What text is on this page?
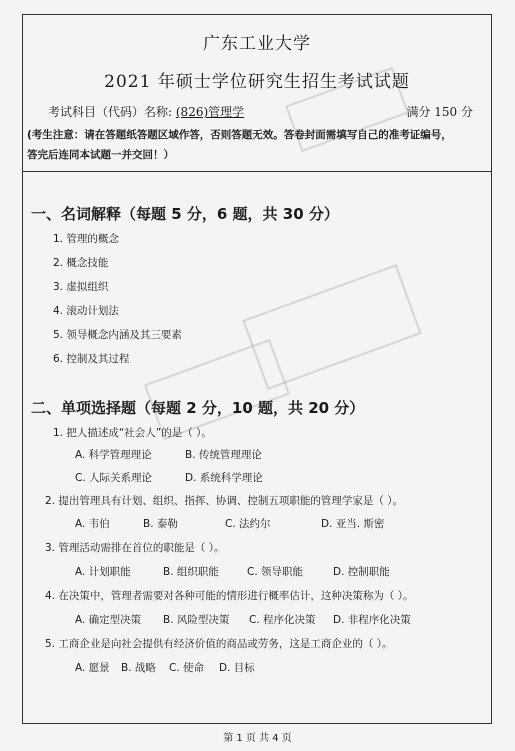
广东工业大学
2021 年硕士学位研究生招生考试试题
考试科目（代码）名称: (826)管理学	满分 150 分
(考生注意：请在答题纸答题区域作答，否则答题无效。答卷封面需填写自己的准考证编号，
答完后连同本试题一并交回！）
一、名词解释（每题 5 分，6 题，共 30 分）
1. 管理的概念
2. 概念技能
3. 虚拟组织
4. 滚动计划法
5. 领导概念内涵及其三要素
6. 控制及其过程
二、单项选择题（每题 2 分，10 题，共 20 分）
1. 把人描述成“社会人”的是（ ）。
A. 科学管理理论	B. 传统管理理论
C. 人际关系理论	D. 系统科学理论
2. 提出管理具有计划、组织、指挥、协调、控制五项职能的管理学家是（ ）。
A. 韦伯	B. 泰勒	C. 法约尔	D. 亚当. 斯密
3. 管理活动需排在首位的职能是（ ）。
A. 计划职能	B. 组织职能	C. 领导职能	D. 控制职能
4. 在决策中，管理者需要对各种可能的情形进行概率估计，这种决策称为（ ）。
A. 确定型决策 B. 风险型决策 C. 程序化决策 D. 非程序化决策
5. 工商企业是向社会提供有经济价值的商品或劳务，这是工商企业的（ ）。
A. 愿景 B. 战略 C. 使命 D. 目标
第 1 页 共 4 页
